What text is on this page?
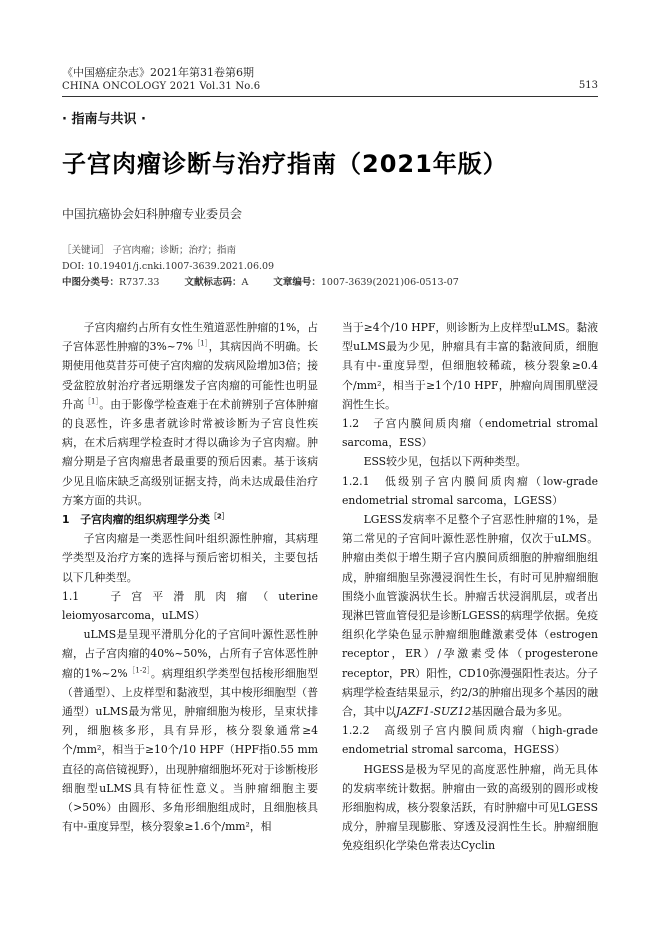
《中国癌症杂志》2021年第31卷第6期
CHINA ONCOLOGY 2021 Vol.31 No.6	513
· 指南与共识 ·
子宫肉瘤诊断与治疗指南（2021年版）
中国抗癌协会妇科肿瘤专业委员会
［关键词］ 子宫肉瘤；诊断；治疗；指南
DOI: 10.19401/j.cnki.1007-3639.2021.06.09
中图分类号：R737.33	文献标志码：A	文章编号：1007-3639(2021)06-0513-07

子宫肉瘤约占所有女性生殖道恶性肿瘤的1%，占子宫体恶性肿瘤的3%~7%$^{[1]}$，其病因尚不明确。长期使用他莫昔芬可使子宫肉瘤的发病风险增加3倍；接受盆腔放射治疗者远期继发子宫肉瘤的可能性也明显升高$^{[1]}$。由于影像学检查难于在术前辨别子宫体肿瘤的良恶性，许多患者就诊时常被诊断为子宫良性疾病，在术后病理学检查时才得以确诊为子宫肉瘤。肿瘤分期是子宫肉瘤患者最重要的预后因素。基于该病少见且临床缺乏高级别证据支持，尚未达成最佳治疗方案方面的共识。

1　子宫肉瘤的组织病理学分类$^{[2]}$

子宫肉瘤是一类恶性间叶组织源性肿瘤，其病理学类型及治疗方案的选择与预后密切相关，主要包括以下几种类型。

1.1　子宫平滑肌肉瘤（uterine leiomyosarcoma，uLMS）

uLMS是呈现平滑肌分化的子宫间叶源性恶性肿瘤，占子宫肉瘤的40%~50%，占所有子宫体恶性肿瘤的1%~2%$^{[1-2]}$。病理组织学类型包括梭形细胞型（普通型）、上皮样型和黏液型，其中梭形细胞型（普通型）uLMS最为常见，肿瘤细胞为梭形，呈束状排列，细胞核多形，具有异形，核分裂象通常≥4个/mm²，相当于≥10个/10 HPF（HPF指0.55 mm直径的高倍镜视野），出现肿瘤细胞坏死对于诊断梭形细胞型uLMS具有特征性意义。当肿瘤细胞主要（>50%）由圆形、多角形细胞组成时，且细胞核具有中-重度异型，核分裂象≥1.6个/mm²，相

当于≥4个/10 HPF，则诊断为上皮样型uLMS。黏液型uLMS最为少见，肿瘤具有丰富的黏液间质，细胞具有中-重度异型，但细胞较稀疏，核分裂象≥0.4个/mm²，相当于≥1个/10 HPF，肿瘤向周围肌壁浸润性生长。

1.2　子宫内膜间质肉瘤（endometrial stromal sarcoma，ESS）

ESS较少见，包括以下两种类型。

1.2.1　低级别子宫内膜间质肉瘤（low-grade endometrial stromal sarcoma，LGESS）

LGESS发病率不足整个子宫恶性肿瘤的1%，是第二常见的子宫间叶源性恶性肿瘤，仅次于uLMS。肿瘤由类似于增生期子宫内膜间质细胞的肿瘤细胞组成，肿瘤细胞呈弥漫浸润性生长，有时可见肿瘤细胞围绕小血管漩涡状生长。肿瘤舌状浸润肌层，或者出现淋巴管血管侵犯是诊断LGESS的病理学依据。免疫组织化学染色显示肿瘤细胞雌激素受体（estrogen receptor，ER）/孕激素受体（progesterone receptor，PR）阳性，CD10弥漫强阳性表达。分子病理学检查结果显示，约2/3的肿瘤出现多个基因的融合，其中以JAZF1-SUZ12基因融合最为多见。

1.2.2　高级别子宫内膜间质肉瘤（high-grade endometrial stromal sarcoma，HGESS）

HGESS是极为罕见的高度恶性肿瘤，尚无具体的发病率统计数据。肿瘤由一致的高级别的圆形或梭形细胞构成，核分裂象活跃，有时肿瘤中可见LGESS成分，肿瘤呈现膨胀、穿透及浸润性生长。肿瘤细胞免疫组织化学染色常表达Cyclin
